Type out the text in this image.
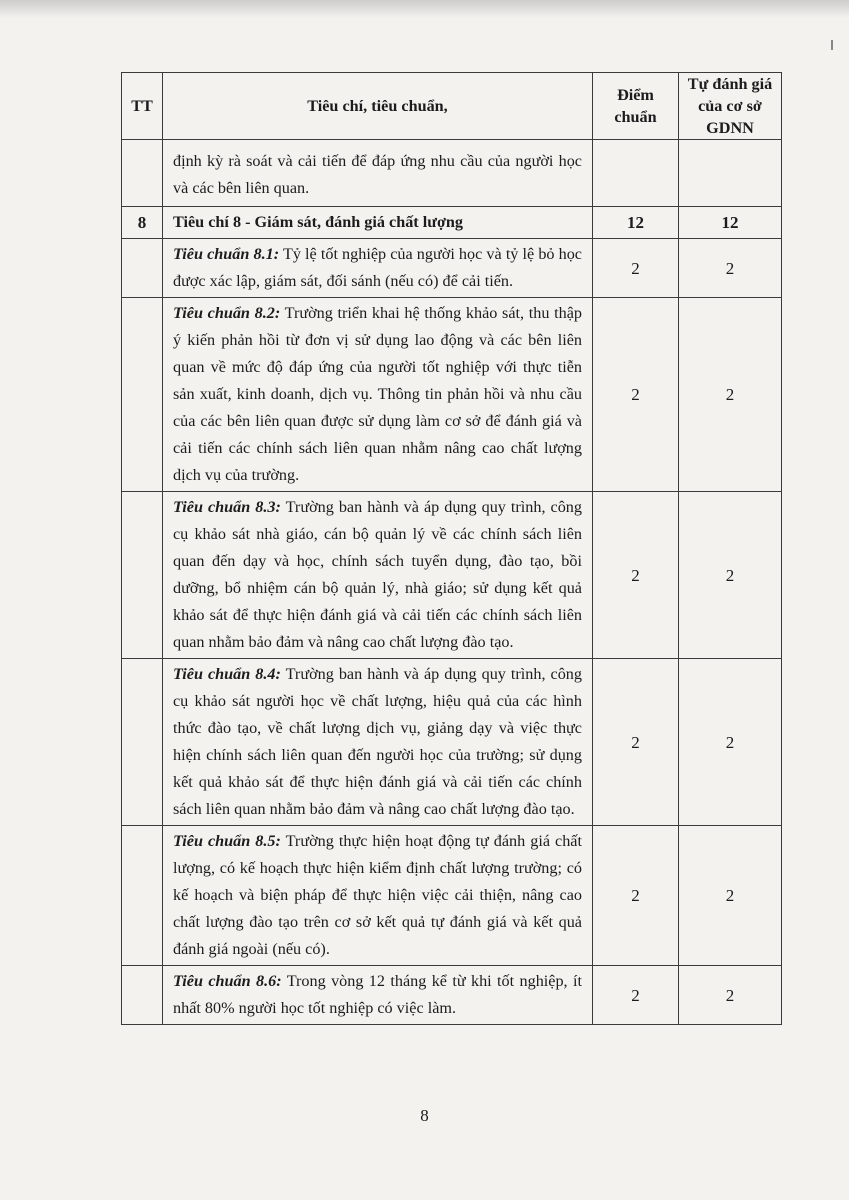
TT	Tiêu chí, tiêu chuẩn,	Điểm chuẩn	Tự đánh giá của cơ sở GDNN
	định kỳ rà soát và cải tiến để đáp ứng nhu cầu của người học và các bên liên quan.		
8	Tiêu chí 8 - Giám sát, đánh giá chất lượng	12	12
	Tiêu chuẩn 8.1: Tỷ lệ tốt nghiệp của người học và tỷ lệ bỏ học được xác lập, giám sát, đối sánh (nếu có) để cải tiến.	2	2
	Tiêu chuẩn 8.2: Trường triển khai hệ thống khảo sát, thu thập ý kiến phản hồi từ đơn vị sử dụng lao động và các bên liên quan về mức độ đáp ứng của người tốt nghiệp với thực tiễn sản xuất, kinh doanh, dịch vụ. Thông tin phản hồi và nhu cầu của các bên liên quan được sử dụng làm cơ sở để đánh giá và cải tiến các chính sách liên quan nhằm nâng cao chất lượng dịch vụ của trường.	2	2
	Tiêu chuẩn 8.3: Trường ban hành và áp dụng quy trình, công cụ khảo sát nhà giáo, cán bộ quản lý về các chính sách liên quan đến dạy và học, chính sách tuyển dụng, đào tạo, bồi dưỡng, bổ nhiệm cán bộ quản lý, nhà giáo; sử dụng kết quả khảo sát để thực hiện đánh giá và cải tiến các chính sách liên quan nhằm bảo đảm và nâng cao chất lượng đào tạo.	2	2
	Tiêu chuẩn 8.4: Trường ban hành và áp dụng quy trình, công cụ khảo sát người học về chất lượng, hiệu quả của các hình thức đào tạo, về chất lượng dịch vụ, giảng dạy và việc thực hiện chính sách liên quan đến người học của trường; sử dụng kết quả khảo sát để thực hiện đánh giá và cải tiến các chính sách liên quan nhằm bảo đảm và nâng cao chất lượng đào tạo.	2	2
	Tiêu chuẩn 8.5: Trường thực hiện hoạt động tự đánh giá chất lượng, có kế hoạch thực hiện kiểm định chất lượng trường; có kế hoạch và biện pháp để thực hiện việc cải thiện, nâng cao chất lượng đào tạo trên cơ sở kết quả tự đánh giá và kết quả đánh giá ngoài (nếu có).	2	2
	Tiêu chuẩn 8.6: Trong vòng 12 tháng kể từ khi tốt nghiệp, ít nhất 80% người học tốt nghiệp có việc làm.	2	2
8
